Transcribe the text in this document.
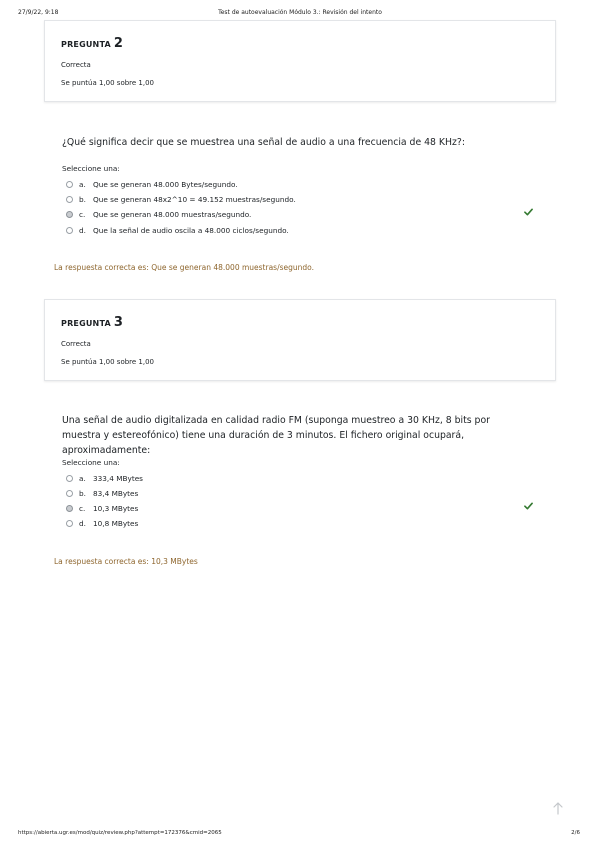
27/9/22, 9:18	Test de autoevaluación Módulo 3.: Revisión del intento
PREGUNTA 2
Correcta
Se puntúa 1,00 sobre 1,00
¿Qué significa decir que se muestrea una señal de audio a una frecuencia de 48 KHz?:
Seleccione una:
a. Que se generan 48.000 Bytes/segundo.
b. Que se generan 48x2^10 = 49.152 muestras/segundo.
c.	Que se generan 48.000 muestras/segundo.
d. Que la señal de audio oscila a 48.000 ciclos/segundo.
La respuesta correcta es: Que se generan 48.000 muestras/segundo.
PREGUNTA 3
Correcta
Se puntúa 1,00 sobre 1,00
Una señal de audio digitalizada en calidad radio FM (suponga muestreo a 30 KHz, 8 bits por muestra y estereofónico) tiene una duración de 3 minutos. El fichero original ocupará, aproximadamente:
Seleccione una:
a. 333,4 MBytes
b. 83,4 MBytes
c.	10,3 MBytes
d. 10,8 MBytes
La respuesta correcta es: 10,3 MBytes
https://abierta.ugr.es/mod/quiz/review.php?attempt=172376&cmid=2065	2/6
